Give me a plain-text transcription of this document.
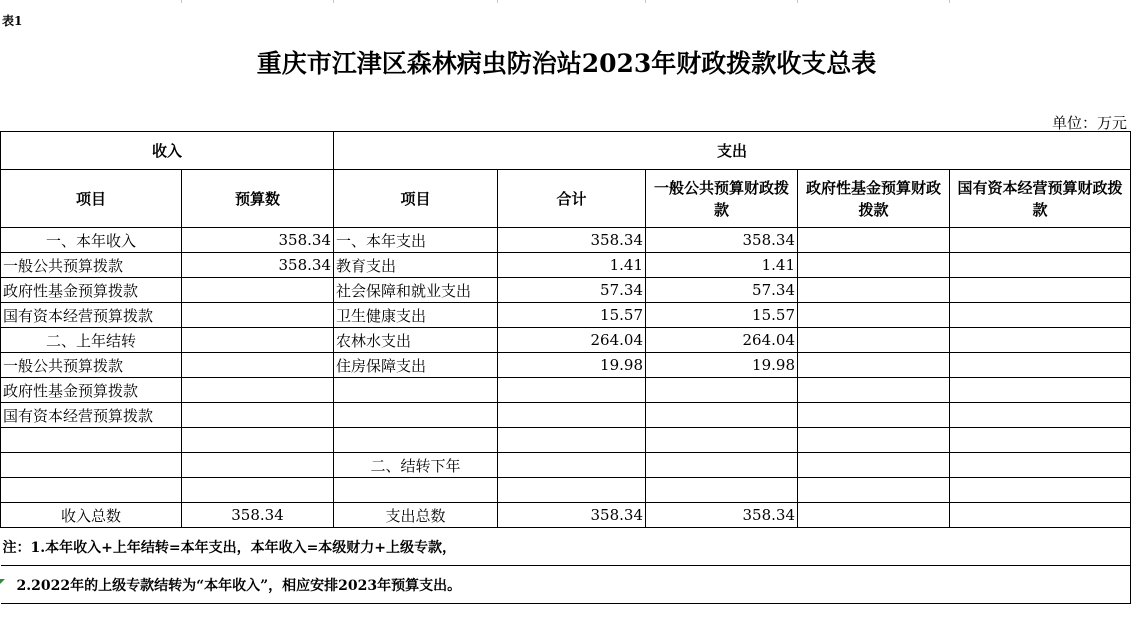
表1
重庆市江津区森林病虫防治站2023年财政拨款收支总表
单位：万元
收入		支出				
项目	预算数	项目	合计	一般公共预算财政拨款	政府性基金预算财政拨款	国有资本经营预算财政拨款
一、本年收入	358.34	一、本年支出	358.34	358.34		
一般公共预算拨款	358.34	教育支出	1.41	1.41		
政府性基金预算拨款		社会保障和就业支出	57.34	57.34		
国有资本经营预算拨款		卫生健康支出	15.57	15.57		
二、上年结转		农林水支出	264.04	264.04		
一般公共预算拨款		住房保障支出	19.98	19.98		
政府性基金预算拨款						
国有资本经营预算拨款						

		二、结转下年				

收入总数	358.34	支出总数	358.34	358.34		
注：1.本年收入+上年结转=本年支出，本年收入=本级财力+上级专款，						
2.2022年的上级专款结转为“本年收入”，相应安排2023年预算支出。						
